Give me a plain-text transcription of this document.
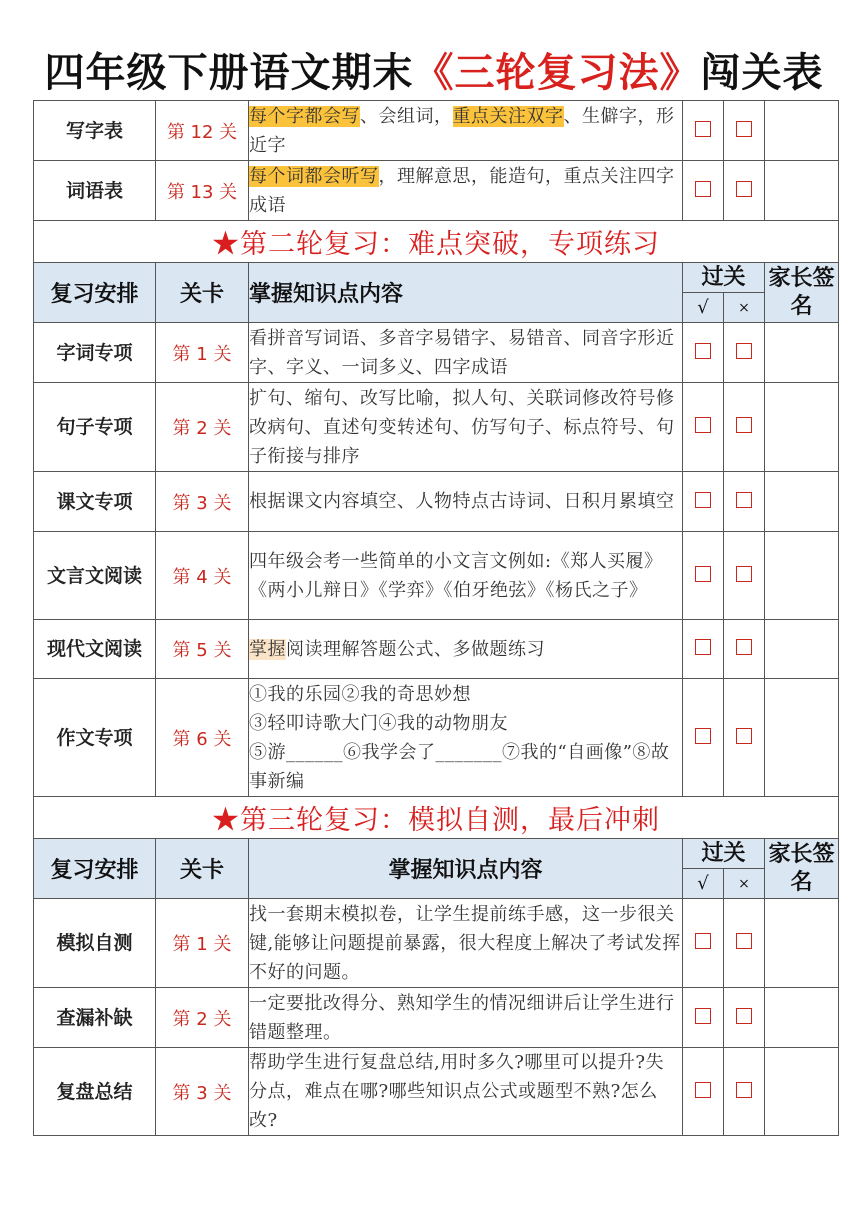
四年级下册语文期末《三轮复习法》闯关表
写字表	第 12 关	每个字都会写、会组词，重点关注双字、生僻字，形近字			
词语表	第 13 关	每个词都会听写，理解意思，能造句，重点关注四字成语			
★第二轮复习：难点突破，专项练习					
复习安排	关卡	掌握知识点内容	过关		家长签名
			√	×	
字词专项	第 1 关	看拼音写词语、多音字易错字、易错音、同音字形近字、字义、一词多义、四字成语			
句子专项	第 2 关	扩句、缩句、改写比喻，拟人句、关联词修改符号修改病句、直述句变转述句、仿写句子、标点符号、句子衔接与排序			
课文专项	第 3 关	根据课文内容填空、人物特点古诗词、日积月累填空			
文言文阅读	第 4 关	四年级会考一些简单的小文言文例如:《郑人买履》《两小儿辩日》《学弈》《伯牙绝弦》《杨氏之子》			
现代文阅读	第 5 关	掌握阅读理解答题公式、多做题练习			
作文专项	第 6 关	①我的乐园②我的奇思妙想
③轻叩诗歌大门④我的动物朋友
⑤游______⑥我学会了_______⑦我的“自画像”⑧故事新编			

★第三轮复习：模拟自测，最后冲刺					
复习安排	关卡	掌握知识点内容	过关		家长签名
			√	×	
模拟自测	第 1 关	找一套期末模拟卷，让学生提前练手感，这一步很关键,能够让问题提前暴露，很大程度上解决了考试发挥不好的问题。			
查漏补缺	第 2 关	一定要批改得分、熟知学生的情况细讲后让学生进行错题整理。			
复盘总结	第 3 关	帮助学生进行复盘总结,用时多久?哪里可以提升?失分点，难点在哪?哪些知识点公式或题型不熟?怎么改?			
